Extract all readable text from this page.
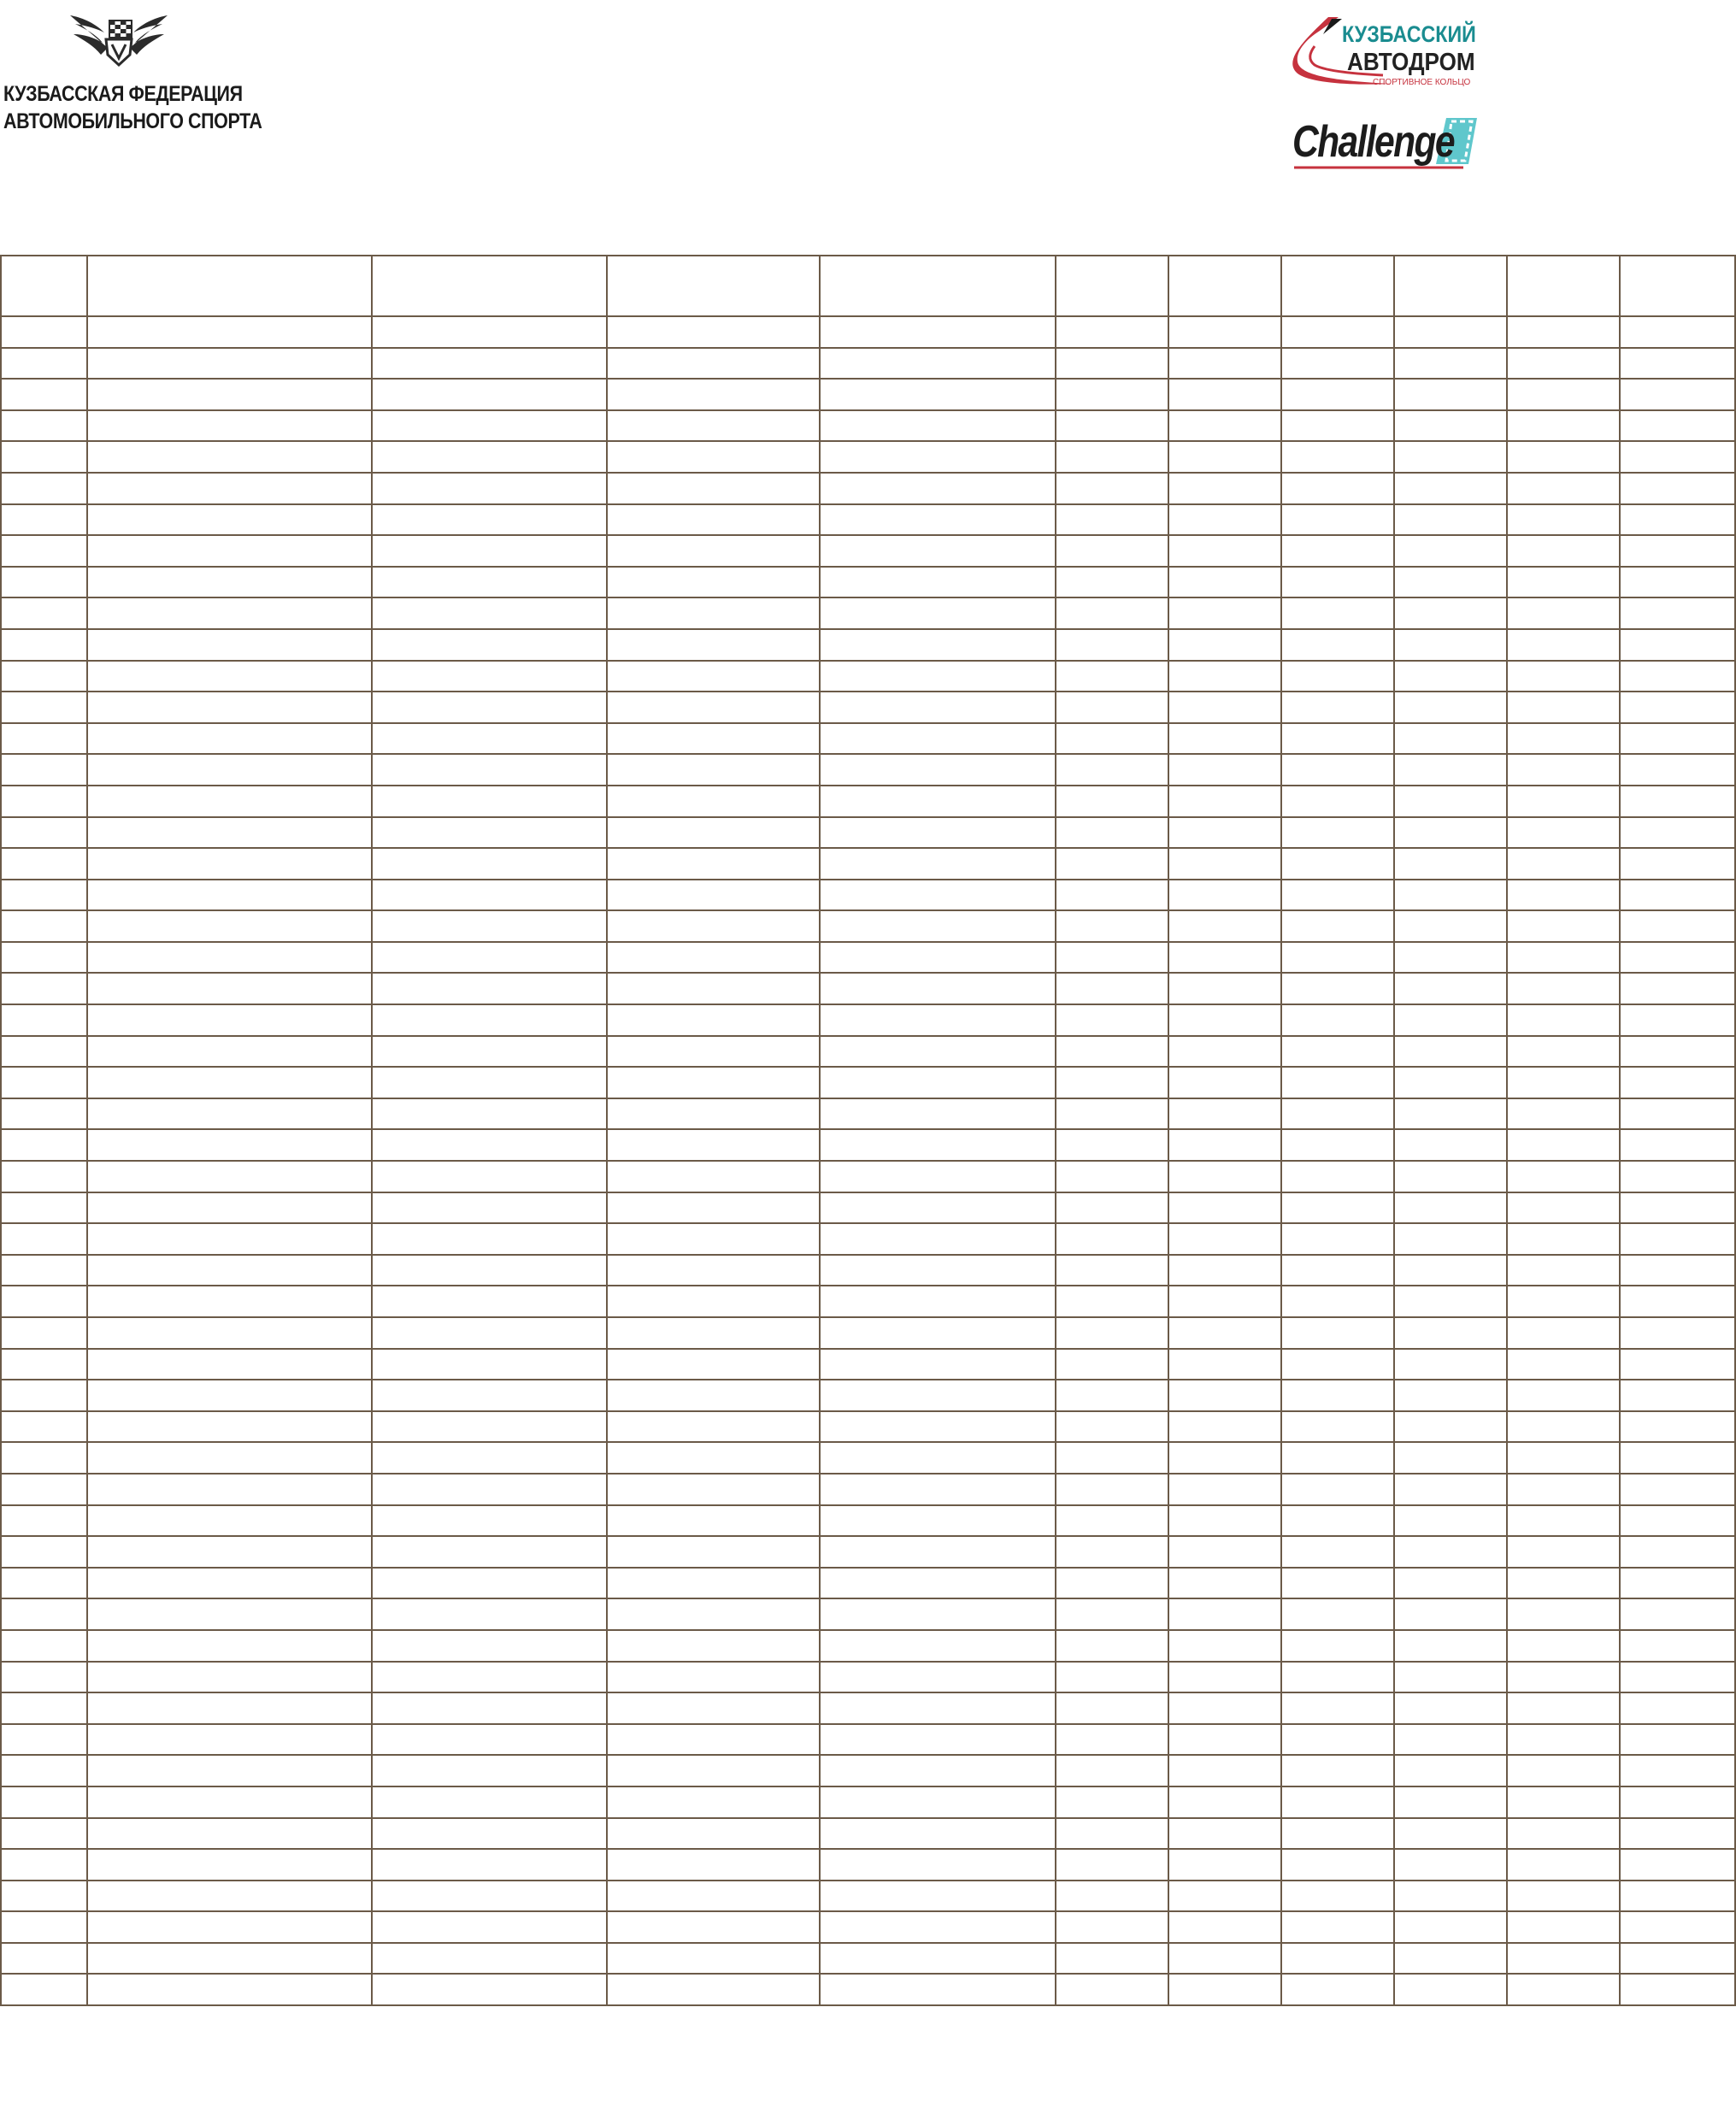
КУЗБАССКАЯ ФЕДЕРАЦИЯ
АВТОМОБИЛЬНОГО СПОРТА
КУЗБАССКИЙ
АВТОДРОМ
СПОРТИВНОЕ КОЛЬЦО
Challenge
